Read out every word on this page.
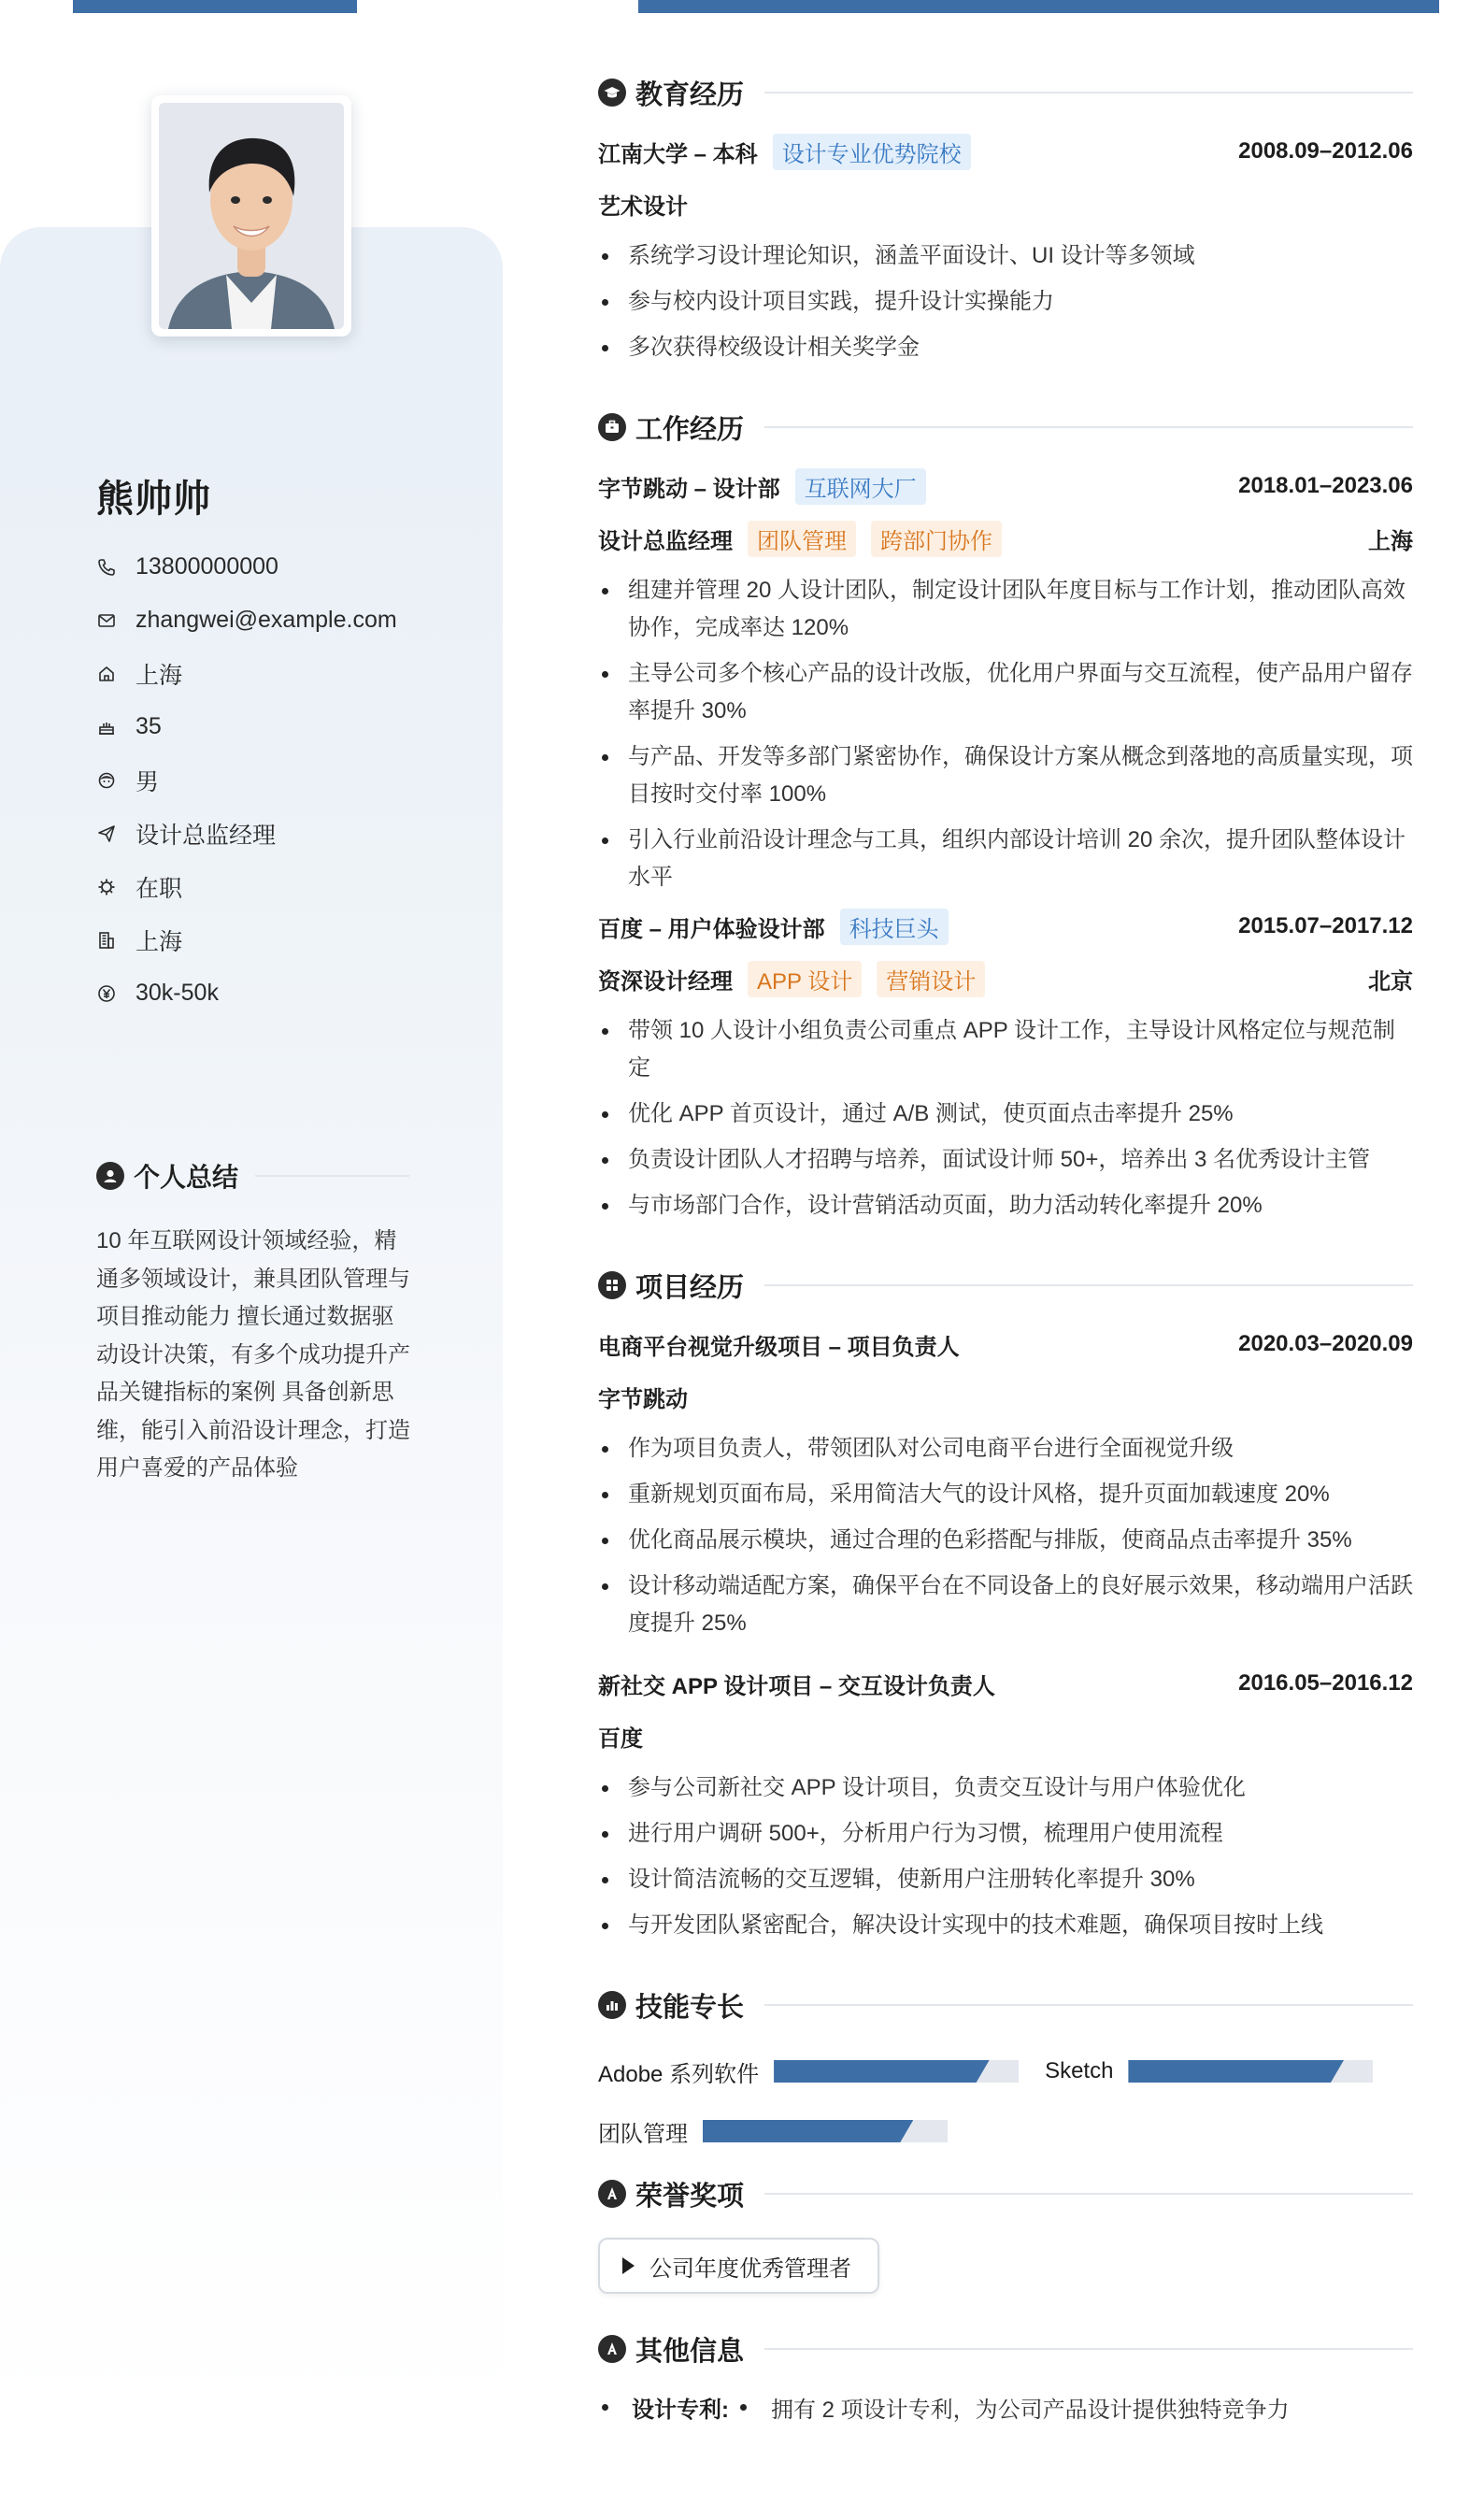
熊帅帅
13800000000
zhangwei@example.com
上海
35
男
设计总监经理
在职
上海
30k-50k
个人总结

10 年互联网设计领域经验，精通多领域设计，兼具团队管理与项目推动能力 擅长通过数据驱动设计决策，有多个成功提升产品关键指标的案例 具备创新思维，能引入前沿设计理念，打造用户喜爱的产品体验

教育经历
江南大学 – 本科	设计专业优势院校	2008.09–2012.06
艺术设计
系统学习设计理论知识，涵盖平面设计、UI 设计等多领域
参与校内设计项目实践，提升设计实操能力
多次获得校级设计相关奖学金
工作经历
字节跳动 – 设计部	互联网大厂	2018.01–2023.06
设计总监经理	团队管理	跨部门协作	上海
组建并管理 20 人设计团队，制定设计团队年度目标与工作计划，推动团队高效协作，完成率达 120%
主导公司多个核心产品的设计改版，优化用户界面与交互流程，使产品用户留存率提升 30%
与产品、开发等多部门紧密协作，确保设计方案从概念到落地的高质量实现，项目按时交付率 100%
引入行业前沿设计理念与工具，组织内部设计培训 20 余次，提升团队整体设计水平
百度 – 用户体验设计部	科技巨头	2015.07–2017.12
资深设计经理	APP 设计	营销设计	北京
带领 10 人设计小组负责公司重点 APP 设计工作，主导设计风格定位与规范制定
优化 APP 首页设计，通过 A/B 测试，使页面点击率提升 25%
负责设计团队人才招聘与培养，面试设计师 50+，培养出 3 名优秀设计主管
与市场部门合作，设计营销活动页面，助力活动转化率提升 20%
项目经历
电商平台视觉升级项目 – 项目负责人	2020.03–2020.09
字节跳动
作为项目负责人，带领团队对公司电商平台进行全面视觉升级
重新规划页面布局，采用简洁大气的设计风格，提升页面加载速度 20%
优化商品展示模块，通过合理的色彩搭配与排版，使商品点击率提升 35%
设计移动端适配方案，确保平台在不同设备上的良好展示效果，移动端用户活跃度提升 25%
新社交 APP 设计项目 – 交互设计负责人	2016.05–2016.12
百度
参与公司新社交 APP 设计项目，负责交互设计与用户体验优化
进行用户调研 500+，分析用户行为习惯，梳理用户使用流程
设计简洁流畅的交互逻辑，使新用户注册转化率提升 30%
与开发团队紧密配合，解决设计实现中的技术难题，确保项目按时上线
技能专长
Adobe 系列软件	Sketch
团队管理
荣誉奖项
公司年度优秀管理者
其他信息
设计专利: 拥有 2 项设计专利，为公司产品设计提供独特竞争力
